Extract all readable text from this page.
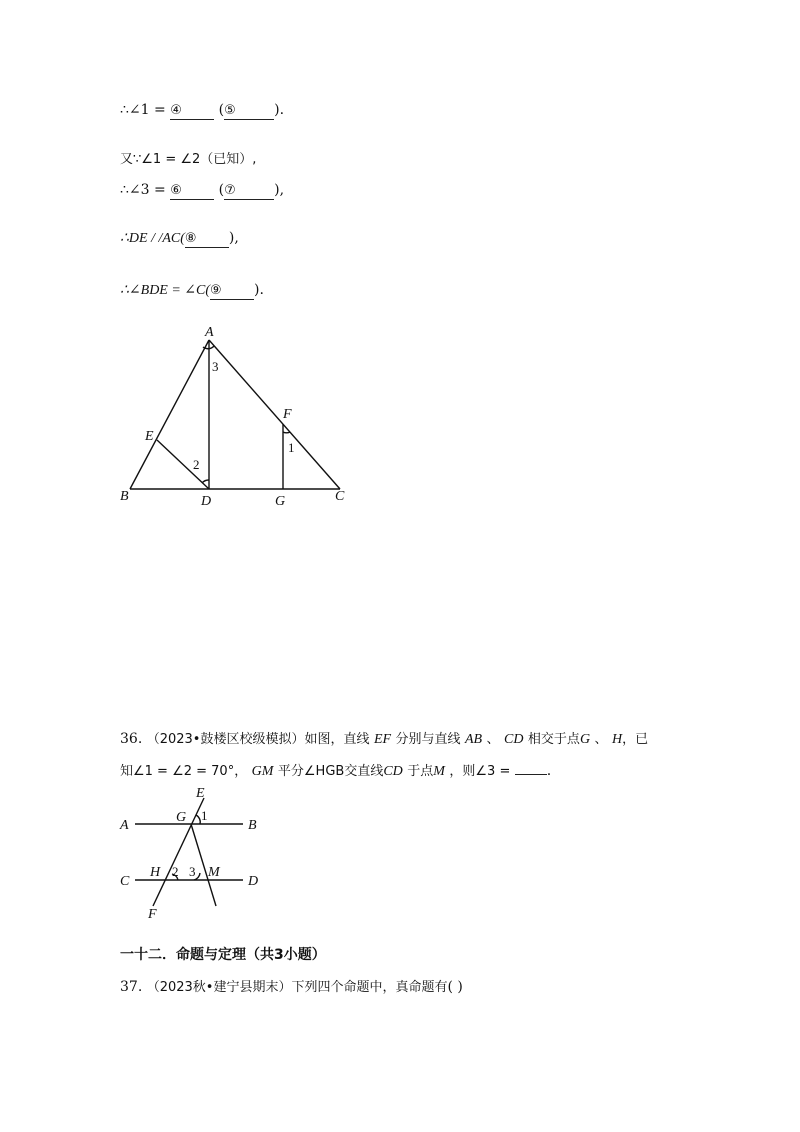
∴∠1 = ④ (⑤	).
又∵∠1 = ∠2（已知）,
∴∠3 = ⑥ (⑦	),
∴DE / /AC(⑧ ),
∴∠BDE = ∠C(⑨ ).
A
B	C
D
E
F
G
3
1
2
36. （2023•鼓楼区校级模拟）如图，直线 EF 分别与直线 AB 、 CD 相交于点G 、 H，已
知∠1 = ∠2 = 70°， GM 平分∠HGB交直线CD 于点M ，则∠3 =	.
E
A
G
B
C
H	M
D
F
1
2 3
一十二．命题与定理（共3小题）
37. （2023秋•建宁县期末）下列四个命题中，真命题有( )
